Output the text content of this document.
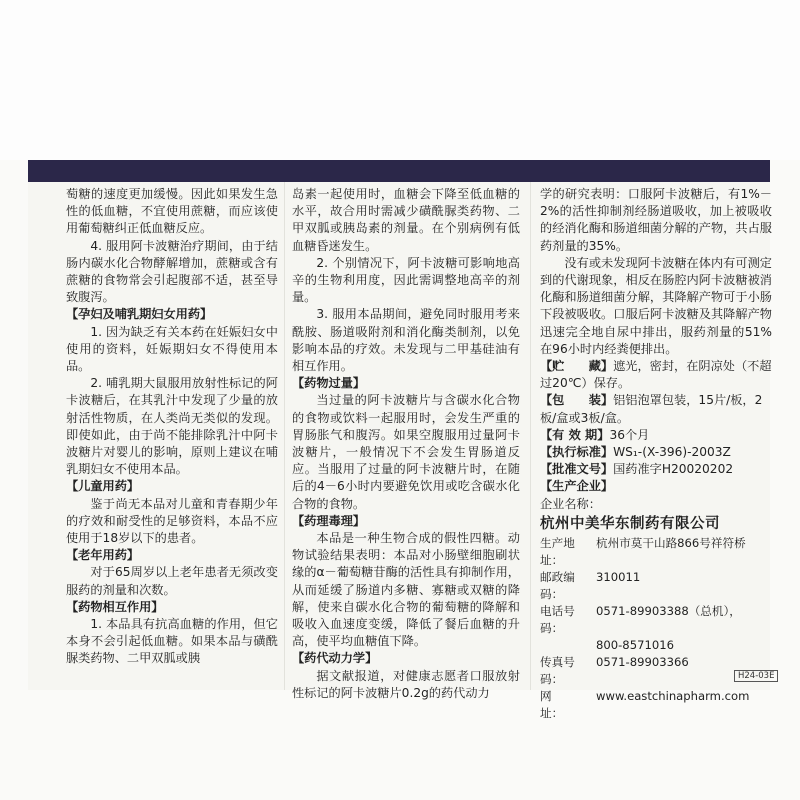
萄糖的速度更加缓慢。因此如果发生急性的低血糖，不宜使用蔗糖，而应该使用葡萄糖纠正低血糖反应。

4. 服用阿卡波糖治疗期间，由于结肠内碳水化合物酵解增加，蔗糖或含有蔗糖的食物常会引起腹部不适，甚至导致腹泻。

【孕妇及哺乳期妇女用药】

1. 因为缺乏有关本药在妊娠妇女中使用的资料，妊娠期妇女不得使用本品。

2. 哺乳期大鼠服用放射性标记的阿卡波糖后，在其乳汁中发现了少量的放射活性物质，在人类尚无类似的发现。即使如此，由于尚不能排除乳汁中阿卡波糖片对婴儿的影响，原则上建议在哺乳期妇女不使用本品。

【儿童用药】

鉴于尚无本品对儿童和青春期少年的疗效和耐受性的足够资料，本品不应使用于18岁以下的患者。

【老年用药】

对于65周岁以上老年患者无须改变服药的剂量和次数。

【药物相互作用】

1. 本品具有抗高血糖的作用，但它本身不会引起低血糖。如果本品与磺酰脲类药物、二甲双胍或胰

岛素一起使用时，血糖会下降至低血糖的水平，故合用时需减少磺酰脲类药物、二甲双胍或胰岛素的剂量。在个别病例有低血糖昏迷发生。

2. 个别情况下，阿卡波糖可影响地高辛的生物利用度，因此需调整地高辛的剂量。

3. 服用本品期间，避免同时服用考来酰胺、肠道吸附剂和消化酶类制剂，以免影响本品的疗效。未发现与二甲基硅油有相互作用。

【药物过量】

当过量的阿卡波糖片与含碳水化合物的食物或饮料一起服用时，会发生严重的胃肠胀气和腹泻。如果空腹服用过量阿卡波糖片，一般情况下不会发生胃肠道反应。当服用了过量的阿卡波糖片时，在随后的4－6小时内要避免饮用或吃含碳水化合物的食物。

【药理毒理】

本品是一种生物合成的假性四糖。动物试验结果表明：本品对小肠壁细胞刷状缘的α－葡萄糖苷酶的活性具有抑制作用，从而延缓了肠道内多糖、寡糖或双糖的降解，使来自碳水化合物的葡萄糖的降解和吸收入血速度变缓，降低了餐后血糖的升高，使平均血糖值下降。

【药代动力学】

据文献报道，对健康志愿者口服放射性标记的阿卡波糖片0.2g的药代动力

学的研究表明：口服阿卡波糖后，有1%－2%的活性抑制剂经肠道吸收，加上被吸收的经消化酶和肠道细菌分解的产物，共占服药剂量的35%。

没有或未发现阿卡波糖在体内有可测定到的代谢现象，相反在肠腔内阿卡波糖被消化酶和肠道细菌分解，其降解产物可于小肠下段被吸收。口服后阿卡波糖及其降解产物迅速完全地自尿中排出，服药剂量的51%在96小时内经粪便排出。

【贮　　藏】遮光，密封，在阴凉处（不超过20℃）保存。

【包　　装】铝铝泡罩包装，15片/板，2板/盒或3板/盒。

【有 效 期】36个月

【执行标准】WS₁-(X-396)-2003Z

【批准文号】国药准字H20020202

【生产企业】

企业名称：

杭州中美华东制药有限公司

生产地址：
杭州市莫干山路866号祥符桥
邮政编码：
310011
电话号码：
0571-89903388（总机），
800-8571016
传真号码：
0571-89903366
网　　址：
www.eastchinapharm.com
H24-03E
